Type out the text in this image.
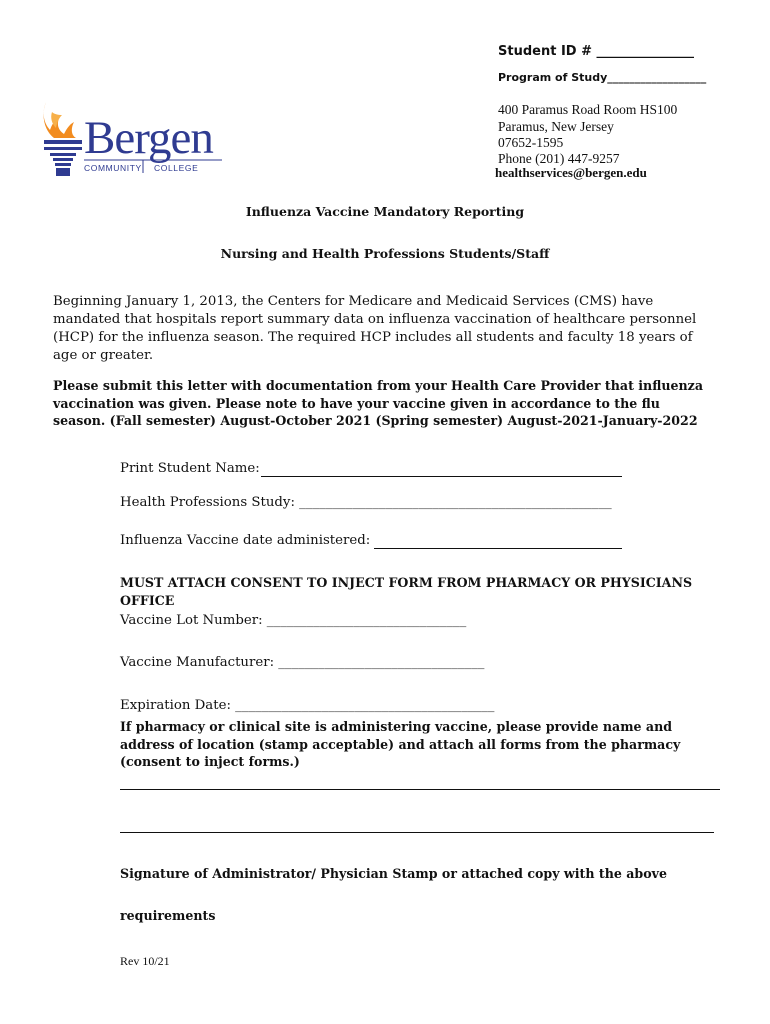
Student ID # _______________
Program of Study__________________
400 Paramus Road Room HS100
Paramus, New Jersey
07652-1595
Phone (201) 447-9257
healthservices@bergen.edu
Bergen
COMMUNITY COLLEGE
Influenza Vaccine Mandatory Reporting
Nursing and Health Professions Students/Staff
Beginning January 1, 2013, the Centers for Medicare and Medicaid Services (CMS) have mandated that hospitals report summary data on influenza vaccination of healthcare personnel (HCP) for the influenza season. The required HCP includes all students and faculty 18 years of age or greater.
Please submit this letter with documentation from your Health Care Provider that influenza vaccination was given. Please note to have your vaccine given in accordance to the flu season. (Fall semester) August-October 2021 (Spring semester) August-2021-January-2022
Print Student Name:
Health Professions Study: _______________________________________________
Influenza Vaccine date administered:
MUST ATTACH CONSENT TO INJECT FORM FROM PHARMACY OR PHYSICIANS OFFICE
Vaccine Lot Number: ______________________________
Vaccine Manufacturer: _______________________________
Expiration Date: _______________________________________
If pharmacy or clinical site is administering vaccine, please provide name and address of location (stamp acceptable) and attach all forms from the pharmacy (consent to inject forms.)
Signature of Administrator/ Physician Stamp or attached copy with the above
requirements
Rev 10/21
